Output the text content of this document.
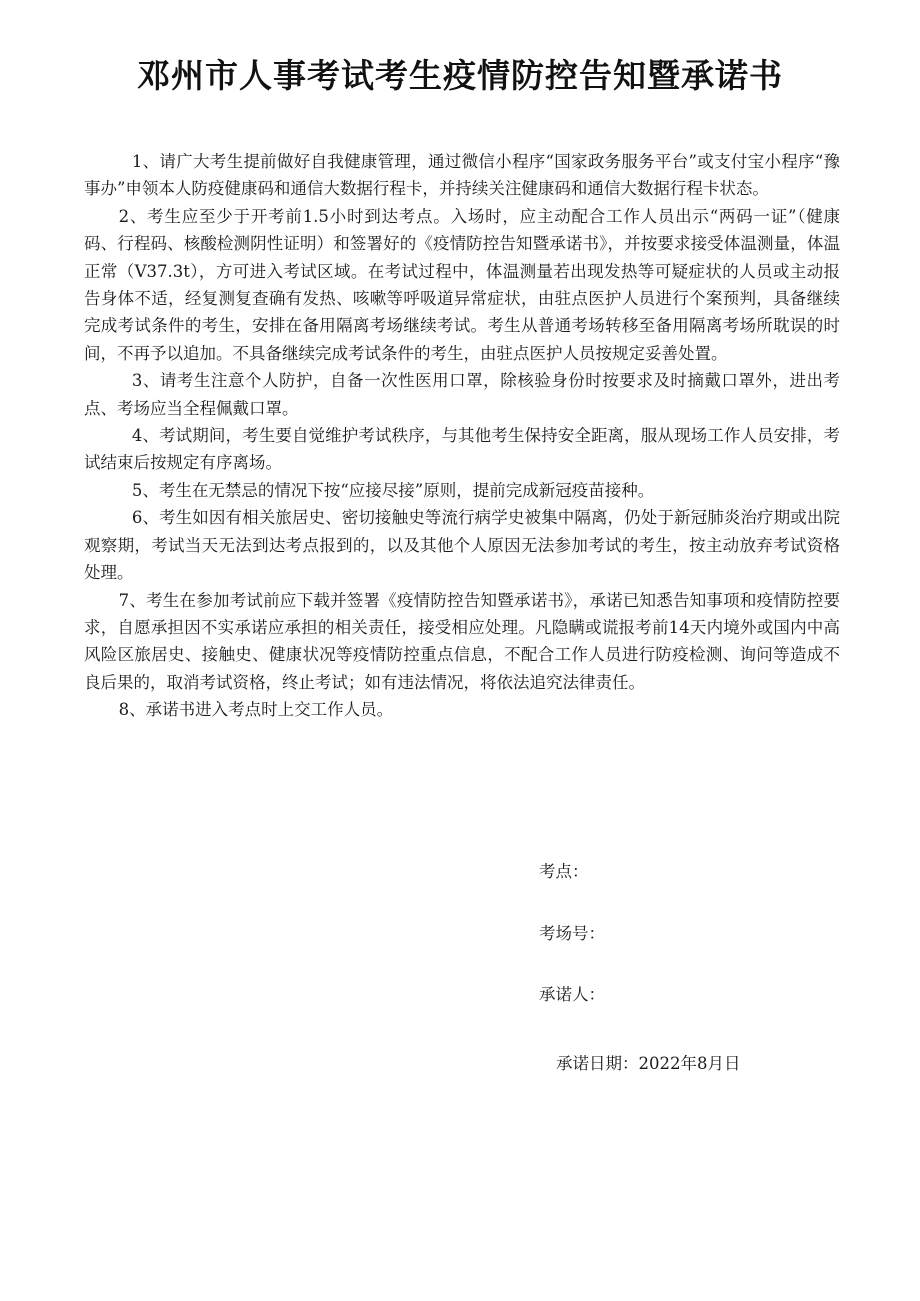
邓州市人事考试考生疫情防控告知暨承诺书

1、请广大考生提前做好自我健康管理，通过微信小程序“国家政务服务平台”或支付宝小程序“豫事办”申领本人防疫健康码和通信大数据行程卡，并持续关注健康码和通信大数据行程卡状态。

2、考生应至少于开考前1.5小时到达考点。入场时，应主动配合工作人员出示“两码一证”（健康码、行程码、核酸检测阴性证明）和签署好的《疫情防控告知暨承诺书》，并按要求接受体温测量，体温正常（V37.3t），方可进入考试区域。在考试过程中，体温测量若出现发热等可疑症状的人员或主动报告身体不适，经复测复查确有发热、咳嗽等呼吸道异常症状，由驻点医护人员进行个案预判，具备继续完成考试条件的考生，安排在备用隔离考场继续考试。考生从普通考场转移至备用隔离考场所耽误的时间，不再予以追加。不具备继续完成考试条件的考生，由驻点医护人员按规定妥善处置。

3、请考生注意个人防护，自备一次性医用口罩，除核验身份时按要求及时摘戴口罩外，进出考点、考场应当全程佩戴口罩。

4、考试期间，考生要自觉维护考试秩序，与其他考生保持安全距离，服从现场工作人员安排，考试结束后按规定有序离场。

5、考生在无禁忌的情况下按“应接尽接”原则，提前完成新冠疫苗接种。

6、考生如因有相关旅居史、密切接触史等流行病学史被集中隔离，仍处于新冠肺炎治疗期或出院观察期，考试当天无法到达考点报到的，以及其他个人原因无法参加考试的考生，按主动放弃考试资格处理。

7、考生在参加考试前应下载并签署《疫情防控告知暨承诺书》，承诺已知悉告知事项和疫情防控要求，自愿承担因不实承诺应承担的相关责任，接受相应处理。凡隐瞒或谎报考前14天内境外或国内中高风险区旅居史、接触史、健康状况等疫情防控重点信息，不配合工作人员进行防疫检测、询问等造成不良后果的，取消考试资格，终止考试；如有违法情况，将依法追究法律责任。

8、承诺书进入考点时上交工作人员。

考点：
考场号：
承诺人：
承诺日期：2022年8月日
